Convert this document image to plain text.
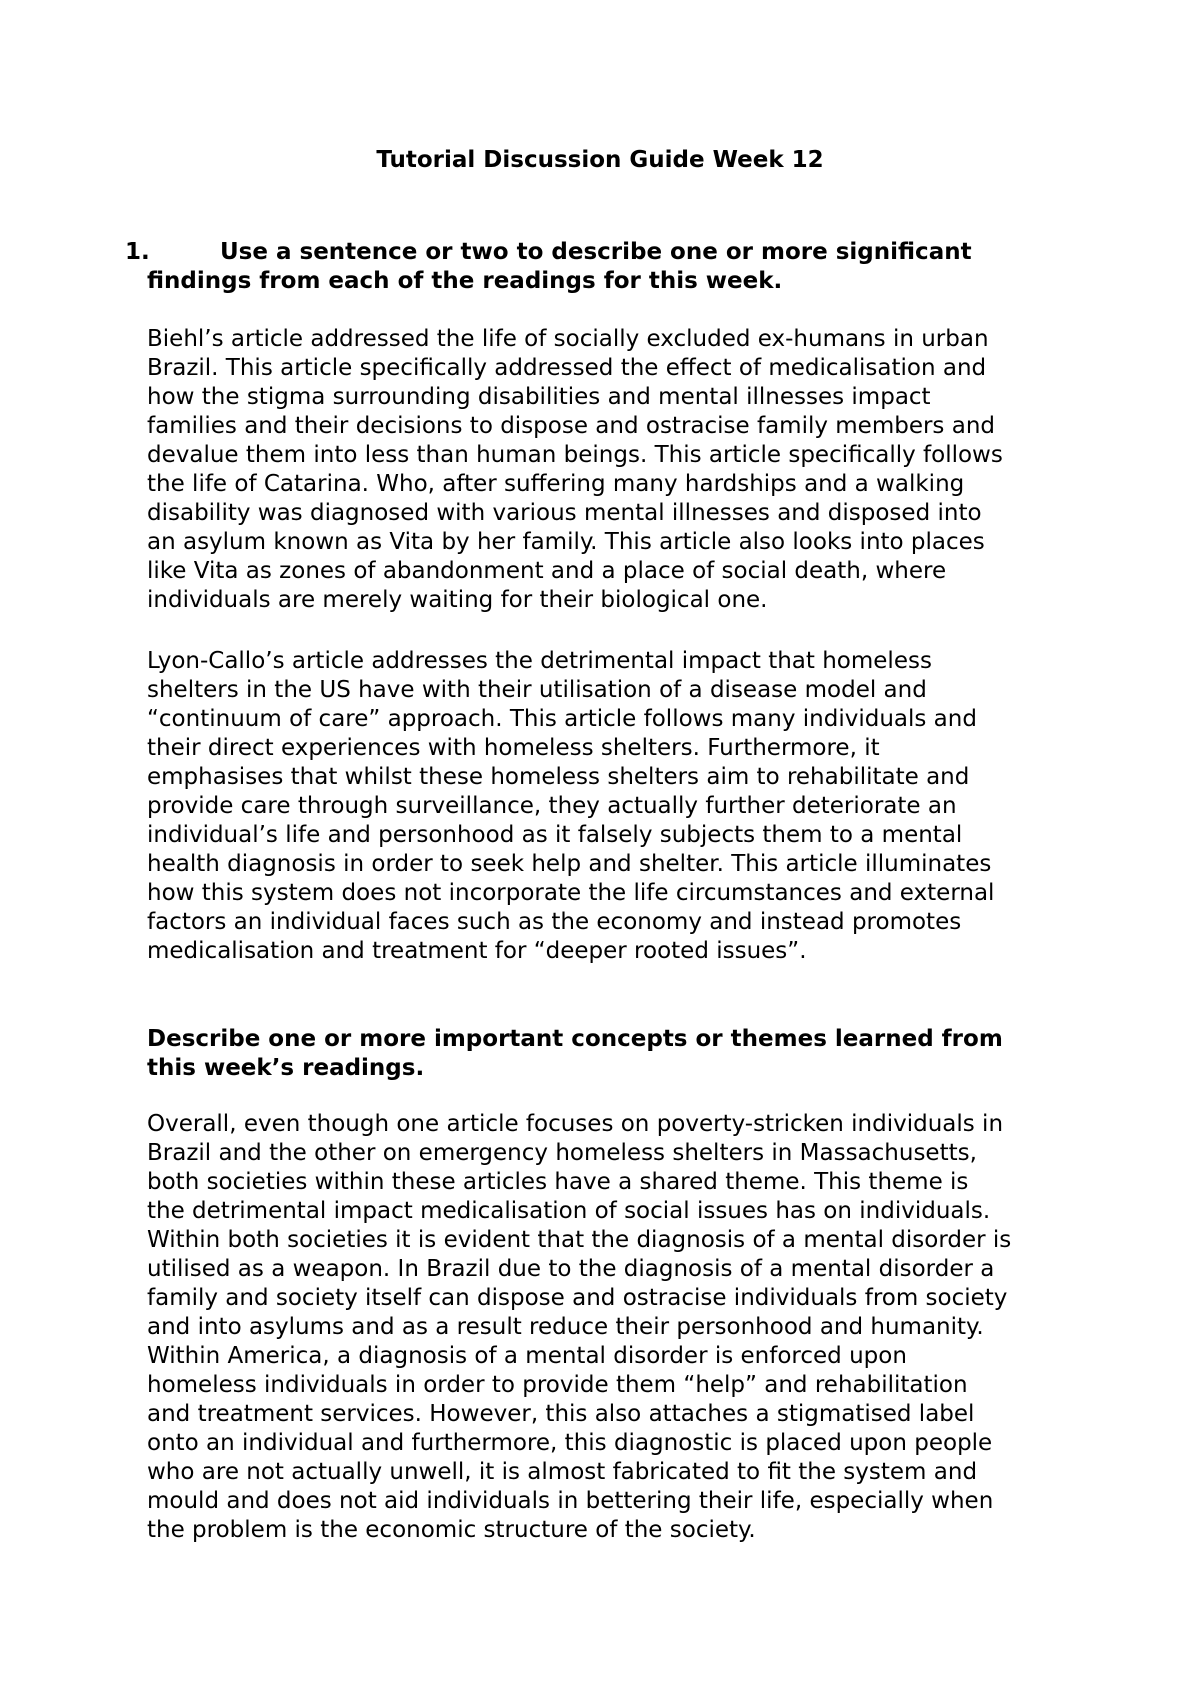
Tutorial Discussion Guide Week 12
1.	Use a sentence or two to describe one or more significant findings from each of the readings for this week.

Biehl’s article addressed the life of socially excluded ex-humans in urban
Brazil. This article specifically addressed the effect of medicalisation and
how the stigma surrounding disabilities and mental illnesses impact
families and their decisions to dispose and ostracise family members and
devalue them into less than human beings. This article specifically follows
the life of Catarina. Who, after suffering many hardships and a walking
disability was diagnosed with various mental illnesses and disposed into
an asylum known as Vita by her family. This article also looks into places
like Vita as zones of abandonment and a place of social death, where
individuals are merely waiting for their biological one.

Lyon-Callo’s article addresses the detrimental impact that homeless
shelters in the US have with their utilisation of a disease model and
“continuum of care” approach. This article follows many individuals and
their direct experiences with homeless shelters. Furthermore, it
emphasises that whilst these homeless shelters aim to rehabilitate and
provide care through surveillance, they actually further deteriorate an
individual’s life and personhood as it falsely subjects them to a mental
health diagnosis in order to seek help and shelter. This article illuminates
how this system does not incorporate the life circumstances and external
factors an individual faces such as the economy and instead promotes
medicalisation and treatment for “deeper rooted issues”.

Describe one or more important concepts or themes learned from
this week’s readings.

Overall, even though one article focuses on poverty-stricken individuals in
Brazil and the other on emergency homeless shelters in Massachusetts,
both societies within these articles have a shared theme. This theme is
the detrimental impact medicalisation of social issues has on individuals.
Within both societies it is evident that the diagnosis of a mental disorder is
utilised as a weapon. In Brazil due to the diagnosis of a mental disorder a
family and society itself can dispose and ostracise individuals from society
and into asylums and as a result reduce their personhood and humanity.
Within America, a diagnosis of a mental disorder is enforced upon
homeless individuals in order to provide them “help” and rehabilitation
and treatment services. However, this also attaches a stigmatised label
onto an individual and furthermore, this diagnostic is placed upon people
who are not actually unwell, it is almost fabricated to fit the system and
mould and does not aid individuals in bettering their life, especially when
the problem is the economic structure of the society.
